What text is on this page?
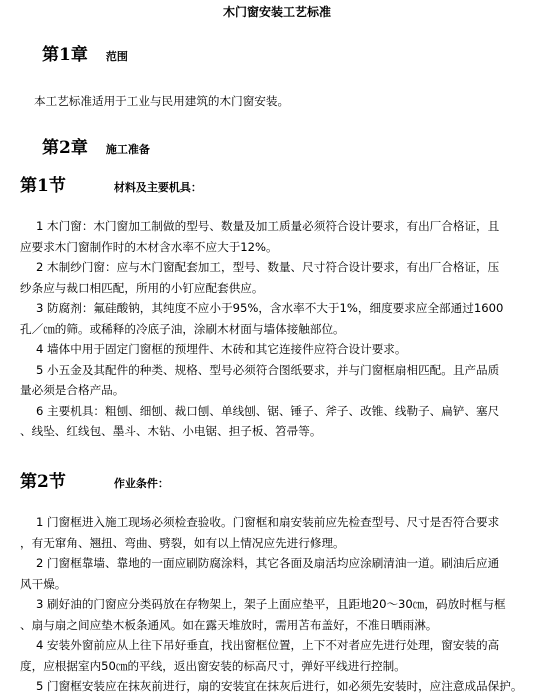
木门窗安装工艺标准
第1章 范围
本工艺标准适用于工业与民用建筑的木门窗安装。
第2章 施工准备
第1节	材料及主要机具：
1 木门窗：木门窗加工制做的型号、数量及加工质量必须符合设计要求，有出厂合格证，且
应要求木门窗制作时的木材含水率不应大于12%。
2 木制纱门窗：应与木门窗配套加工，型号、数量、尺寸符合设计要求，有出厂合格证，压
纱条应与裁口相匹配，所用的小钉应配套供应。
3 防腐剂：氟硅酸钠，其纯度不应小于95%，含水率不大于1%，细度要求应全部通过1600
孔／㎝的筛。或稀释的冷底子油，涂刷木材面与墙体接触部位。
4 墙体中用于固定门窗框的预埋件、木砖和其它连接件应符合设计要求。
5 小五金及其配件的种类、规格、型号必须符合图纸要求，并与门窗框扇相匹配。且产品质
量必须是合格产品。
6 主要机具：粗刨、细刨、裁口刨、单线刨、锯、锤子、斧子、改锥、线勒子、扁铲、塞尺
、线坠、红线包、墨斗、木钻、小电锯、担子板、笤帚等。
第2节	作业条件：
1 门窗框进入施工现场必须检查验收。门窗框和扇安装前应先检查型号、尺寸是否符合要求
，有无窜角、翘扭、弯曲、劈裂，如有以上情况应先进行修理。
2 门窗框靠墙、靠地的一面应刷防腐涂料，其它各面及扇活均应涂刷清油一道。刷油后应通
风干燥。
3 刷好油的门窗应分类码放在存物架上，架子上面应垫平，且距地20～30㎝，码放时框与框
、扇与扇之间应垫木板条通风。如在露天堆放时，需用苫布盖好，不准日晒雨淋。
4 安装外窗前应从上往下吊好垂直，找出窗框位置，上下不对者应先进行处理，窗安装的高
度，应根据室内50㎝的平线，返出窗安装的标高尺寸，弹好平线进行控制。
5 门窗框安装应在抹灰前进行，扇的安装宜在抹灰后进行，如必须先安装时，应注意成品保护。
